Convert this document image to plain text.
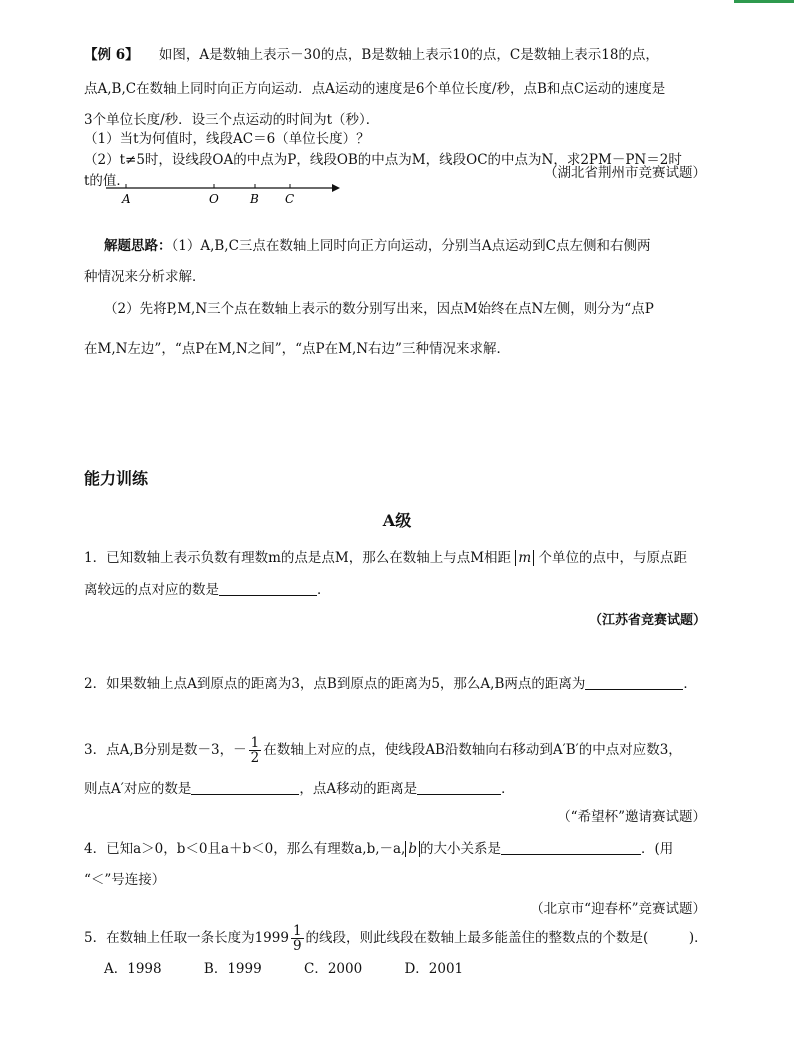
【例 6】 如图，A是数轴上表示－30的点，B是数轴上表示10的点，C是数轴上表示18的点，
点A,B,C在数轴上同时向正方向运动．点A运动的速度是6个单位长度/秒，点B和点C运动的速度是
3个单位长度/秒．设三个点运动的时间为t（秒）．
（1）当t为何值时，线段AC＝6（单位长度）？
（2）t≠5时，设线段OA的中点为P，线段OB的中点为M，线段OC的中点为N，求2PM－PN＝2时
t的值．	（湖北省荆州市竞赛试题）
A	O	B C
解题思路：（1）A,B,C三点在数轴上同时向正方向运动，分别当A点运动到C点左侧和右侧两
种情况来分析求解．
（2）先将P,M,N三个点在数轴上表示的数分别写出来，因点M始终在点N左侧，则分为“点P
在M,N左边”，“点P在M,N之间”，“点P在M,N右边”三种情况来求解．
能力训练
A级
1．已知数轴上表示负数有理数m的点是点M，那么在数轴上与点M相距 m 个单位的点中，与原点距
离较远的点对应的数是	．
（江苏省竞赛试题）
2．如果数轴上点A到原点的距离为3，点B到原点的距离为5，那么A,B两点的距离为	．
3．点A,B分别是数－3，－ $\frac{1}{2}$ 在数轴上对应的点，使线段AB沿数轴向右移动到A′B′的中点对应数3，
则点A′对应的数是	，点A移动的距离是	．
（“希望杯”邀请赛试题）
4．已知a＞0，b＜0且a＋b＜0，那么有理数a,b,－a, b 的大小关系是	．(用
“＜”号连接）
（北京市“迎春杯”竞赛试题）
5．在数轴上任取一条长度为$1999 \frac{1}{9}$ 的线段，则此线段在数轴上最多能盖住的整数点的个数是(　　　)．
A．1998	B．1999	C．2000	D．2001
